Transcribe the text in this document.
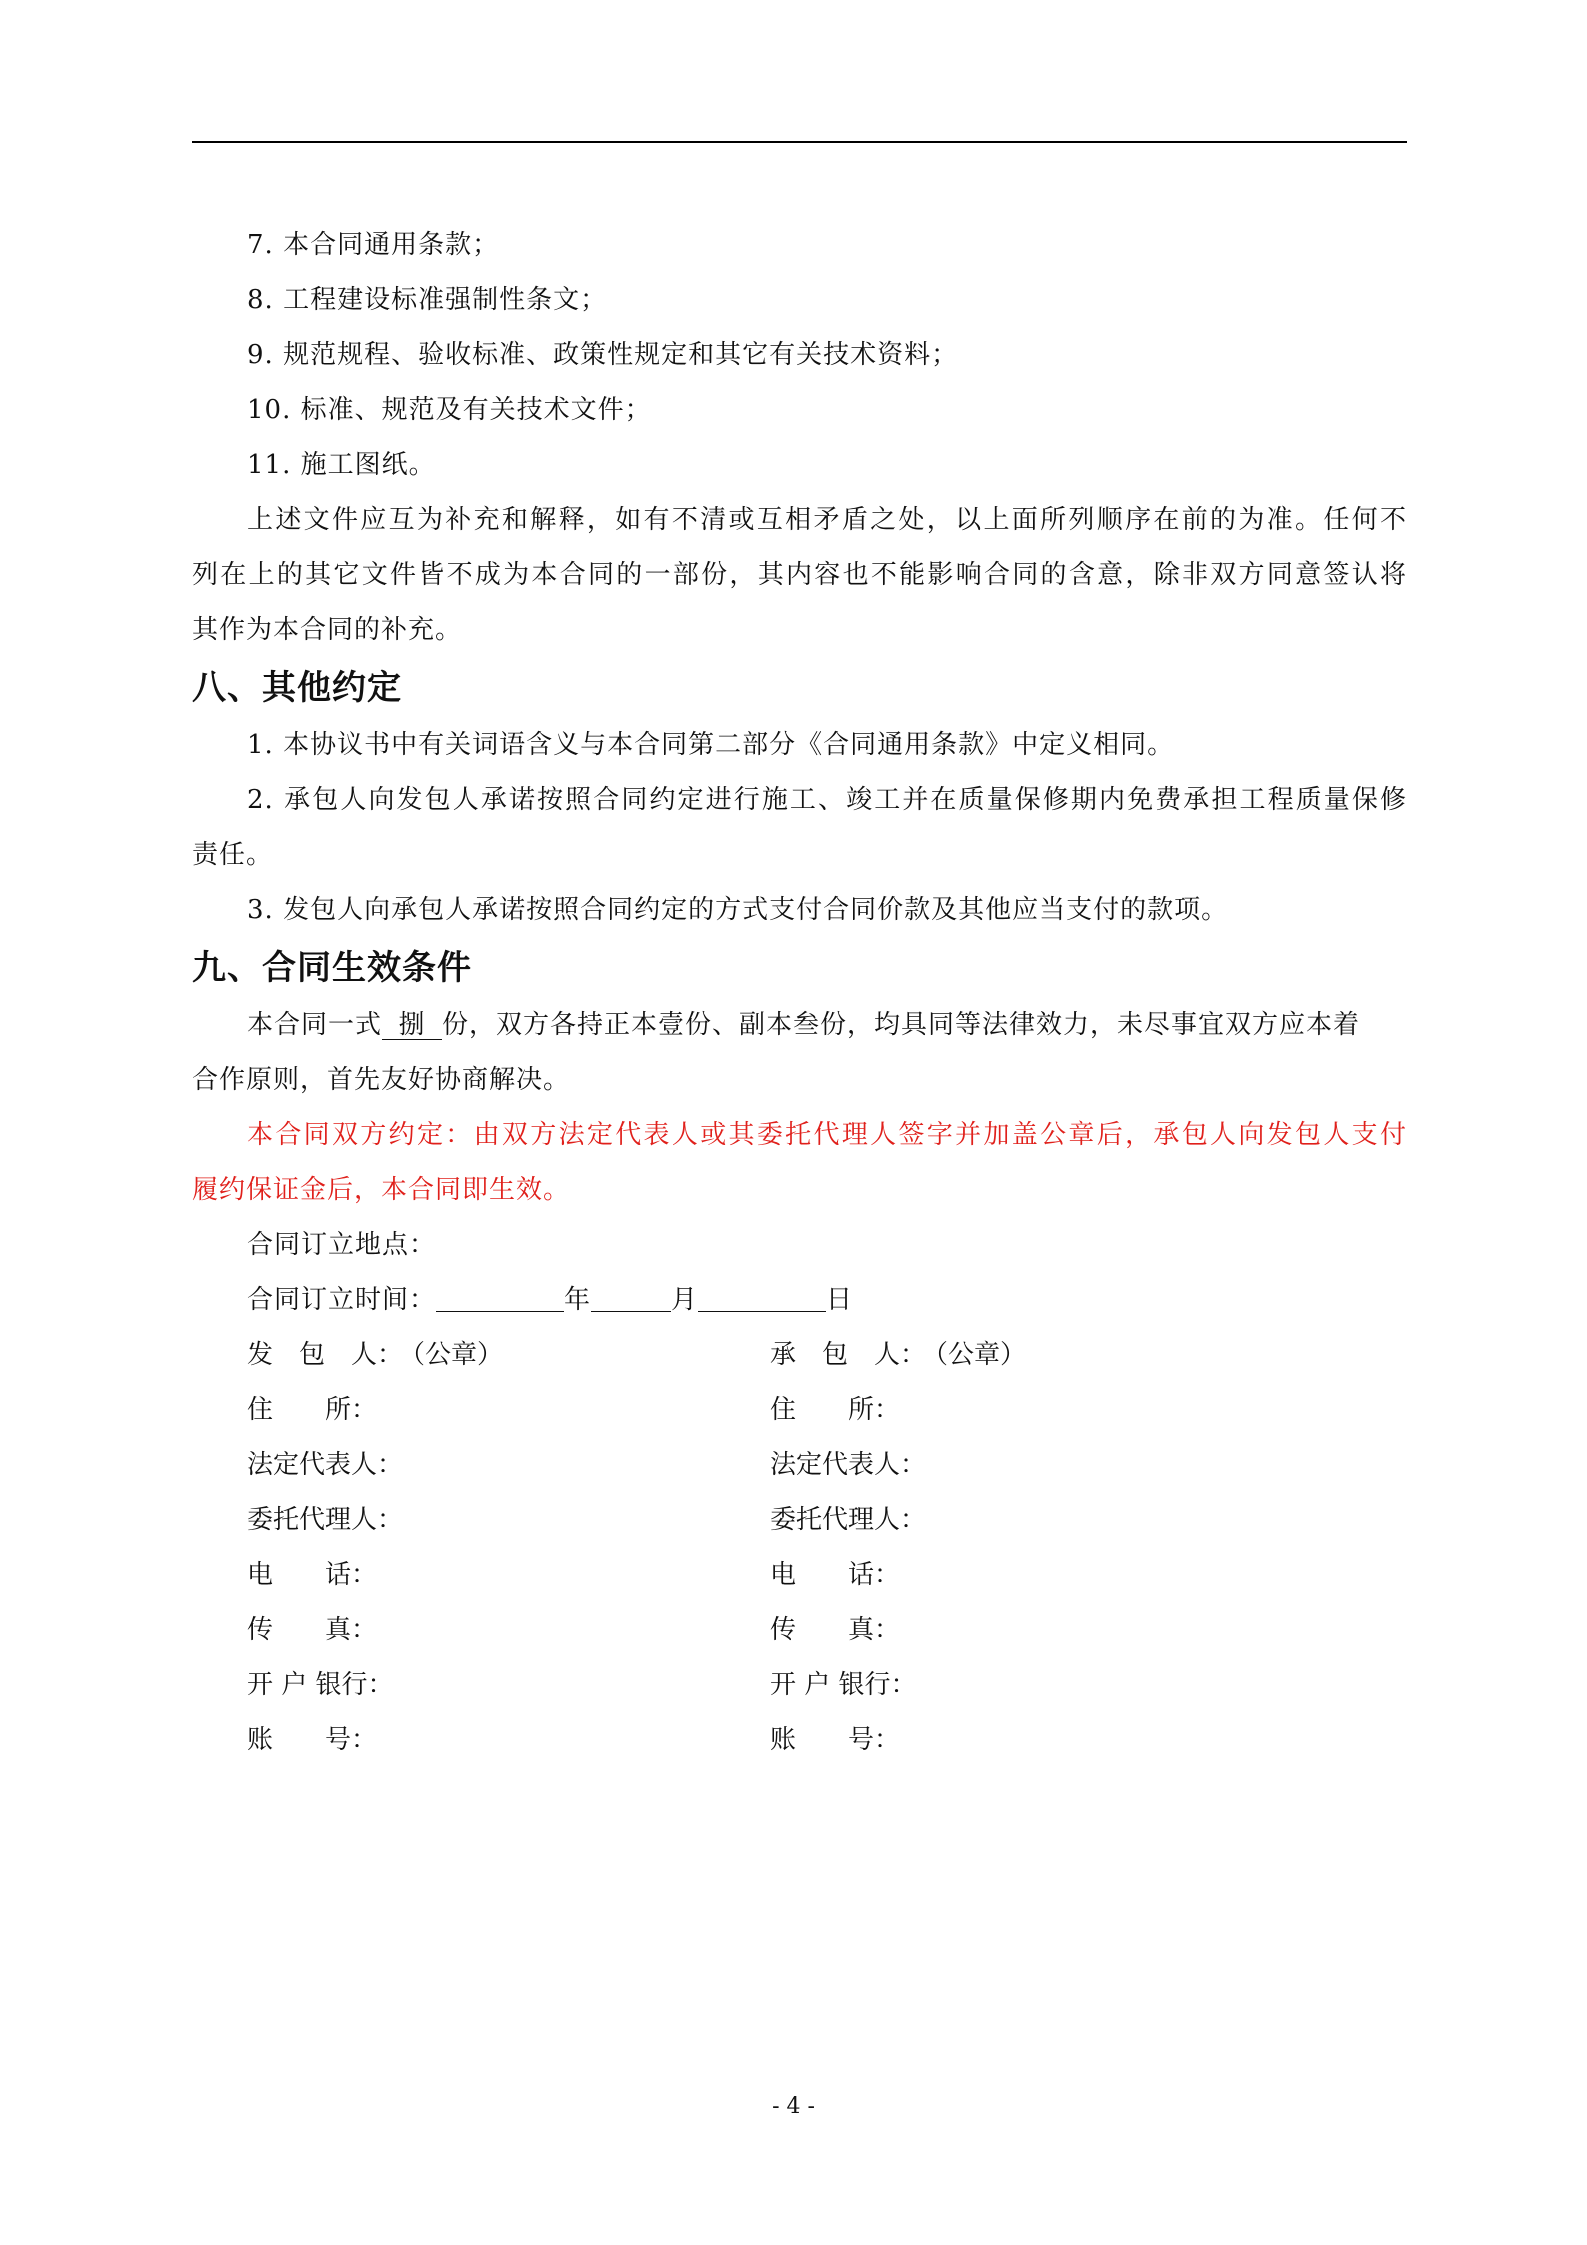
7. 本合同通用条款；
8. 工程建设标准强制性条文；
9. 规范规程、验收标准、政策性规定和其它有关技术资料；
10. 标准、规范及有关技术文件；
11. 施工图纸。
上述文件应互为补充和解释，如有不清或互相矛盾之处，以上面所列顺序在前的为准。任何不
列在上的其它文件皆不成为本合同的一部份，其内容也不能影响合同的含意，除非双方同意签认将
其作为本合同的补充。
八、其他约定
1. 本协议书中有关词语含义与本合同第二部分《合同通用条款》中定义相同。
2. 承包人向发包人承诺按照合同约定进行施工、竣工并在质量保修期内免费承担工程质量保修
责任。
3. 发包人向承包人承诺按照合同约定的方式支付合同价款及其他应当支付的款项。
九、合同生效条件
本合同一式 捌 份，双方各持正本壹份、副本叁份，均具同等法律效力，未尽事宜双方应本着
合作原则，首先友好协商解决。
本合同双方约定：由双方法定代表人或其委托代理人签字并加盖公章后，承包人向发包人支付
履约保证金后，本合同即生效。
合同订立地点：
合同订立时间：	年	月	日
发　包　人：（公章）	承　包　人：（公章）
住　　所：	住　　所：
法定代表人：	法定代表人：
委托代理人：	委托代理人：
电　　话：	电　　话：
传　　真：	传　　真：
开 户 银行：	开 户 银行：
账　　号：	账　　号：
- 4 -
